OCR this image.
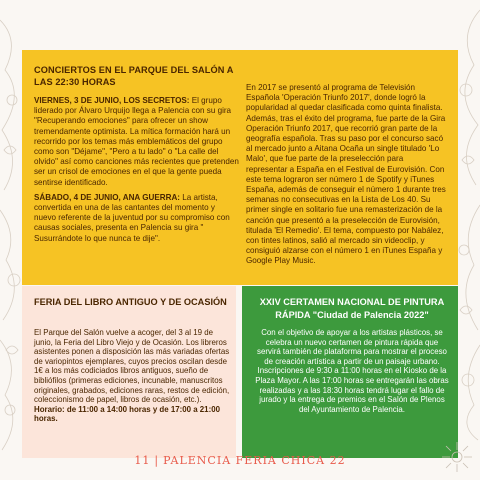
CONCIERTOS EN EL PARQUE DEL SALÓN A LAS 22:30 HORAS

VIERNES, 3 DE JUNIO, LOS SECRETOS: El grupo liderado por Álvaro Urquijo llega a Palencia con su gira "Recuperando emociones" para ofrecer un show tremendamente optimista. La mítica formación hará un recorrido por los temas más emblemáticos del grupo como son "Déjame", "Pero a tu lado" o "La calle del olvido" así como canciones más recientes que pretenden ser un crisol de emociones en el que la gente pueda sentirse identificado.

SÁBADO, 4 DE JUNIO, ANA GUERRA: La artista, convertida en una de las cantantes del momento y nuevo referente de la juventud por su compromiso con causas sociales, presenta en Palencia su gira " Susurrándote lo que nunca te dije".

En 2017 se presentó al programa de Televisión Española 'Operación Triunfo 2017', donde logró la popularidad al quedar clasificada como quinta finalista. Además, tras el éxito del programa, fue parte de la Gira Operación Triunfo 2017, que recorrió gran parte de la geografía española. Tras su paso por el concurso sacó al mercado junto a Aitana Ocaña un single titulado 'Lo Malo', que fue parte de la preselección para representar a España en el Festival de Eurovisión. Con este tema lograron ser número 1 de Spotify y iTunes España, además de conseguir el número 1 durante tres semanas no consecutivas en la Lista de Los 40. Su primer single en solitario fue una remasterización de la canción que presentó a la preselección de Eurovisión, titulada 'El Remedio'. El tema, compuesto por Nabález, con tintes latinos, salió al mercado sin videoclip, y consiguió alzarse con el número 1 en iTunes España y Google Play Music.

FERIA DEL LIBRO ANTIGUO Y DE OCASIÓN

El Parque del Salón vuelve a acoger, del 3 al 19 de junio, la Feria del Libro Viejo y de Ocasión. Los libreros asistentes ponen a disposición las más variadas ofertas de variopintos ejemplares, cuyos precios oscilan desde 1€ a los más codiciados libros antiguos, sueño de bibliófilos (primeras ediciones, incunable, manuscritos originales, grabados, ediciones raras, restos de edición, coleccionismo de papel, libros de ocasión, etc.). Horario: de 11:00 a 14:00 horas y de 17:00 a 21:00 horas.

XXIV CERTAMEN NACIONAL DE PINTURA RÁPIDA "Ciudad de Palencia 2022"

Con el objetivo de apoyar a los artistas plásticos, se celebra un nuevo certamen de pintura rápida que servirá también de plataforma para mostrar el proceso de creación artística a partir de un paisaje urbano. Inscripciones de 9:30 a 11:00 horas en el Kiosko de la Plaza Mayor. A las 17:00 horas se entregarán las obras realizadas y a las 18:30 horas tendrá lugar el fallo de jurado y la entrega de premios en el Salón de Plenos del Ayuntamiento de Palencia.

11 | PALENCIA FERIA CHICA 22
